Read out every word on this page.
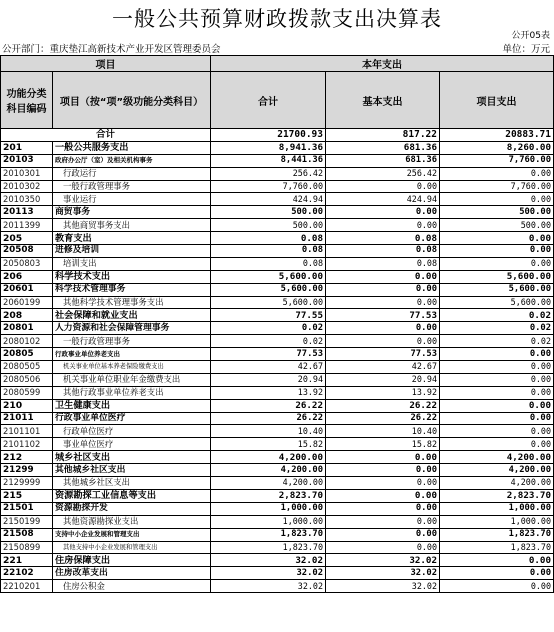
一般公共预算财政拨款支出决算表
公开05表
公开部门：重庆垫江高新技术产业开发区管理委员会	单位：万元
项目		本年支出		
功能分类科目编码	项目（按“项”级功能分类科目）	合计	基本支出	项目支出
合计		21700.93	817.22	20883.71
201	一般公共服务支出	8,941.36	681.36	8,260.00
20103	政府办公厅（室）及相关机构事务	8,441.36	681.36	7,760.00
2010301	行政运行	256.42	256.42	0.00
2010302	一般行政管理事务	7,760.00	0.00	7,760.00
2010350	事业运行	424.94	424.94	0.00
20113	商贸事务	500.00	0.00	500.00
2011399	其他商贸事务支出	500.00	0.00	500.00
205	教育支出	0.08	0.08	0.00
20508	进修及培训	0.08	0.08	0.00
2050803	培训支出	0.08	0.08	0.00
206	科学技术支出	5,600.00	0.00	5,600.00
20601	科学技术管理事务	5,600.00	0.00	5,600.00
2060199	其他科学技术管理事务支出	5,600.00	0.00	5,600.00
208	社会保障和就业支出	77.55	77.53	0.02
20801	人力资源和社会保障管理事务	0.02	0.00	0.02
2080102	一般行政管理事务	0.02	0.00	0.02
20805	行政事业单位养老支出	77.53	77.53	0.00
2080505	机关事业单位基本养老保险缴费支出	42.67	42.67	0.00
2080506	机关事业单位职业年金缴费支出	20.94	20.94	0.00
2080599	其他行政事业单位养老支出	13.92	13.92	0.00
210	卫生健康支出	26.22	26.22	0.00
21011	行政事业单位医疗	26.22	26.22	0.00
2101101	行政单位医疗	10.40	10.40	0.00
2101102	事业单位医疗	15.82	15.82	0.00
212	城乡社区支出	4,200.00	0.00	4,200.00
21299	其他城乡社区支出	4,200.00	0.00	4,200.00
2129999	其他城乡社区支出	4,200.00	0.00	4,200.00
215	资源勘探工业信息等支出	2,823.70	0.00	2,823.70
21501	资源勘探开发	1,000.00	0.00	1,000.00
2150199	其他资源勘探业支出	1,000.00	0.00	1,000.00
21508	支持中小企业发展和管理支出	1,823.70	0.00	1,823.70
2150899	其他支持中小企业发展和管理支出	1,823.70	0.00	1,823.70
221	住房保障支出	32.02	32.02	0.00
22102	住房改革支出	32.02	32.02	0.00
2210201	住房公积金	32.02	32.02	0.00
